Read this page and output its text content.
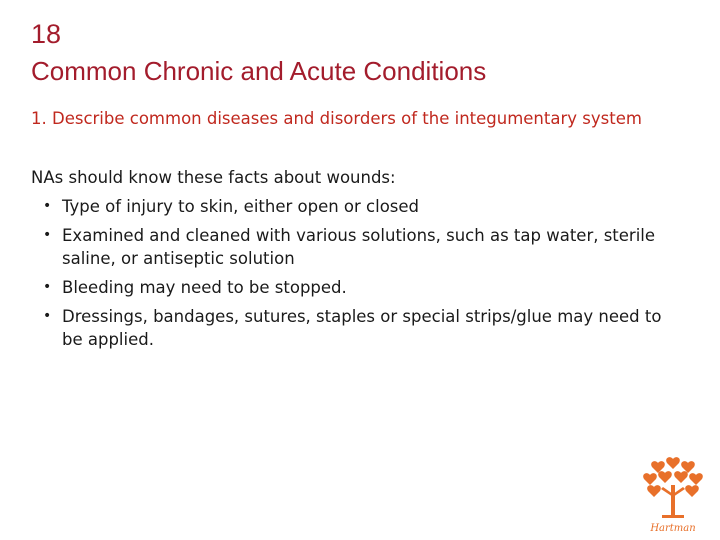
18
Common Chronic and Acute Conditions
1. Describe common diseases and disorders of the integumentary system
NAs should know these facts about wounds:
• Type of injury to skin, either open or closed
• Examined and cleaned with various solutions, such as tap water, sterile saline, or antiseptic solution
• Bleeding may need to be stopped.
• Dressings, bandages, sutures, staples or special strips/glue may need to be applied.
Hartman
